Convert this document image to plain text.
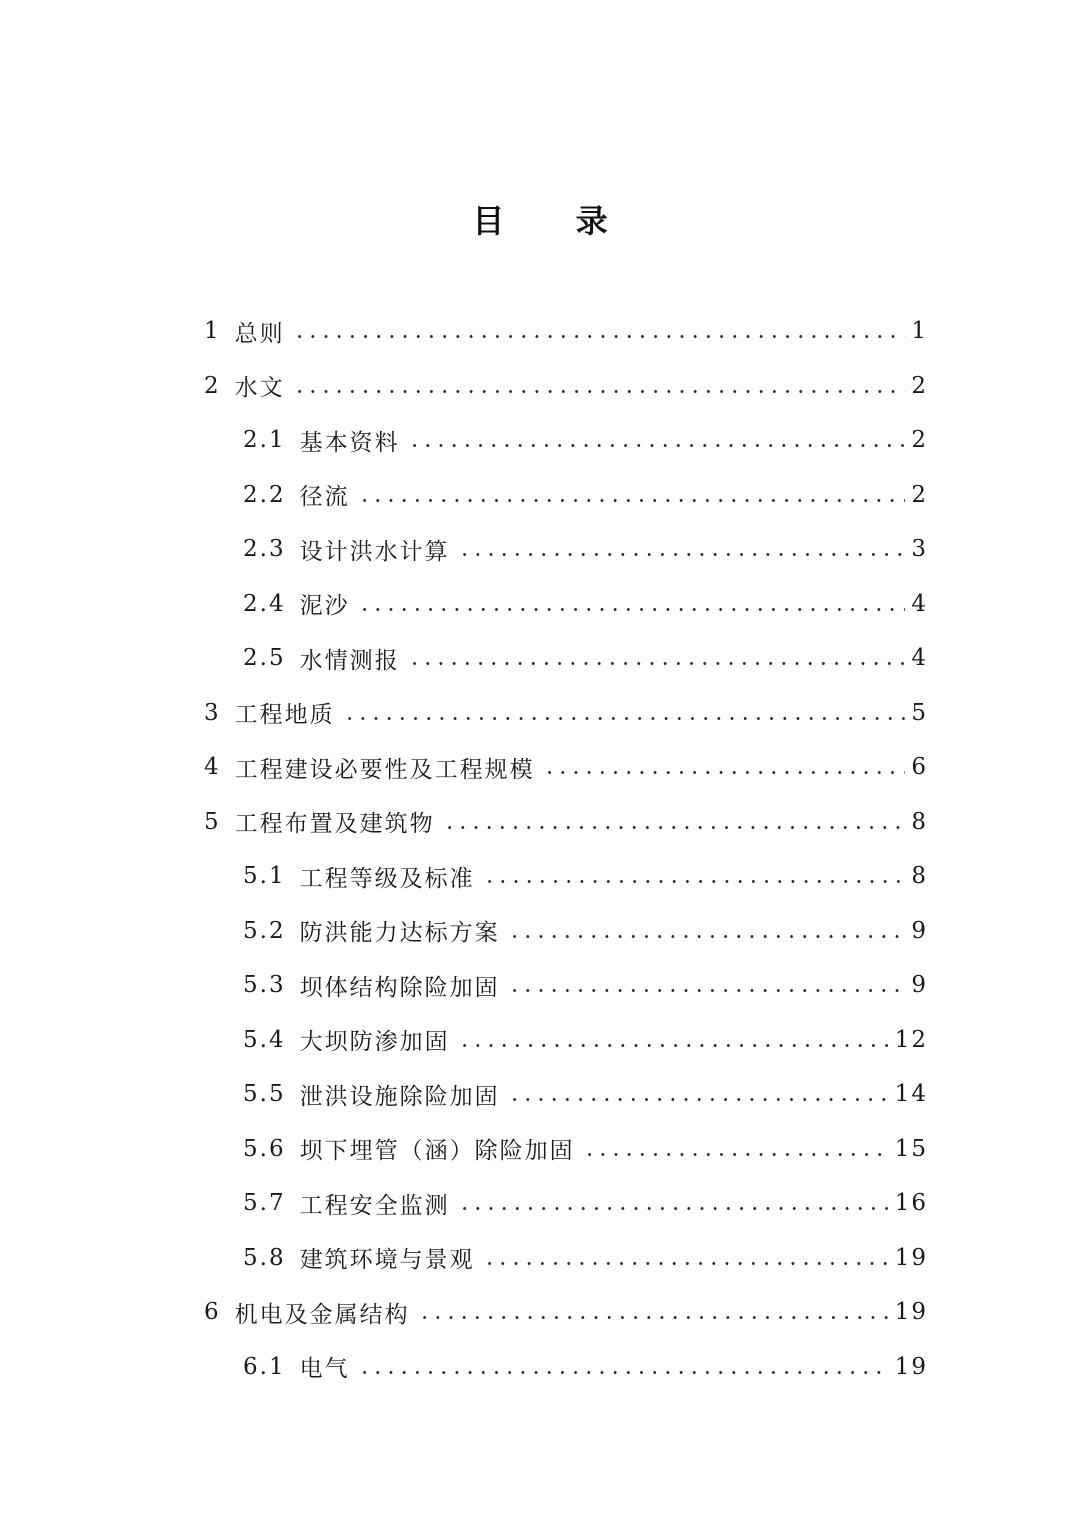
目 录
1 总则	1
2 水文	2
2.1 基本资料	2
2.2 径流	2
2.3 设计洪水计算	3
2.4 泥沙	4
2.5 水情测报	4
3 工程地质	5
4 工程建设必要性及工程规模	6
5 工程布置及建筑物	8
5.1 工程等级及标准	8
5.2 防洪能力达标方案	9
5.3 坝体结构除险加固	9
5.4 大坝防渗加固	12
5.5 泄洪设施除险加固	14
5.6 坝下埋管（涵）除险加固	15
5.7 工程安全监测	16
5.8 建筑环境与景观	19
6 机电及金属结构	19
6.1 电气	19
